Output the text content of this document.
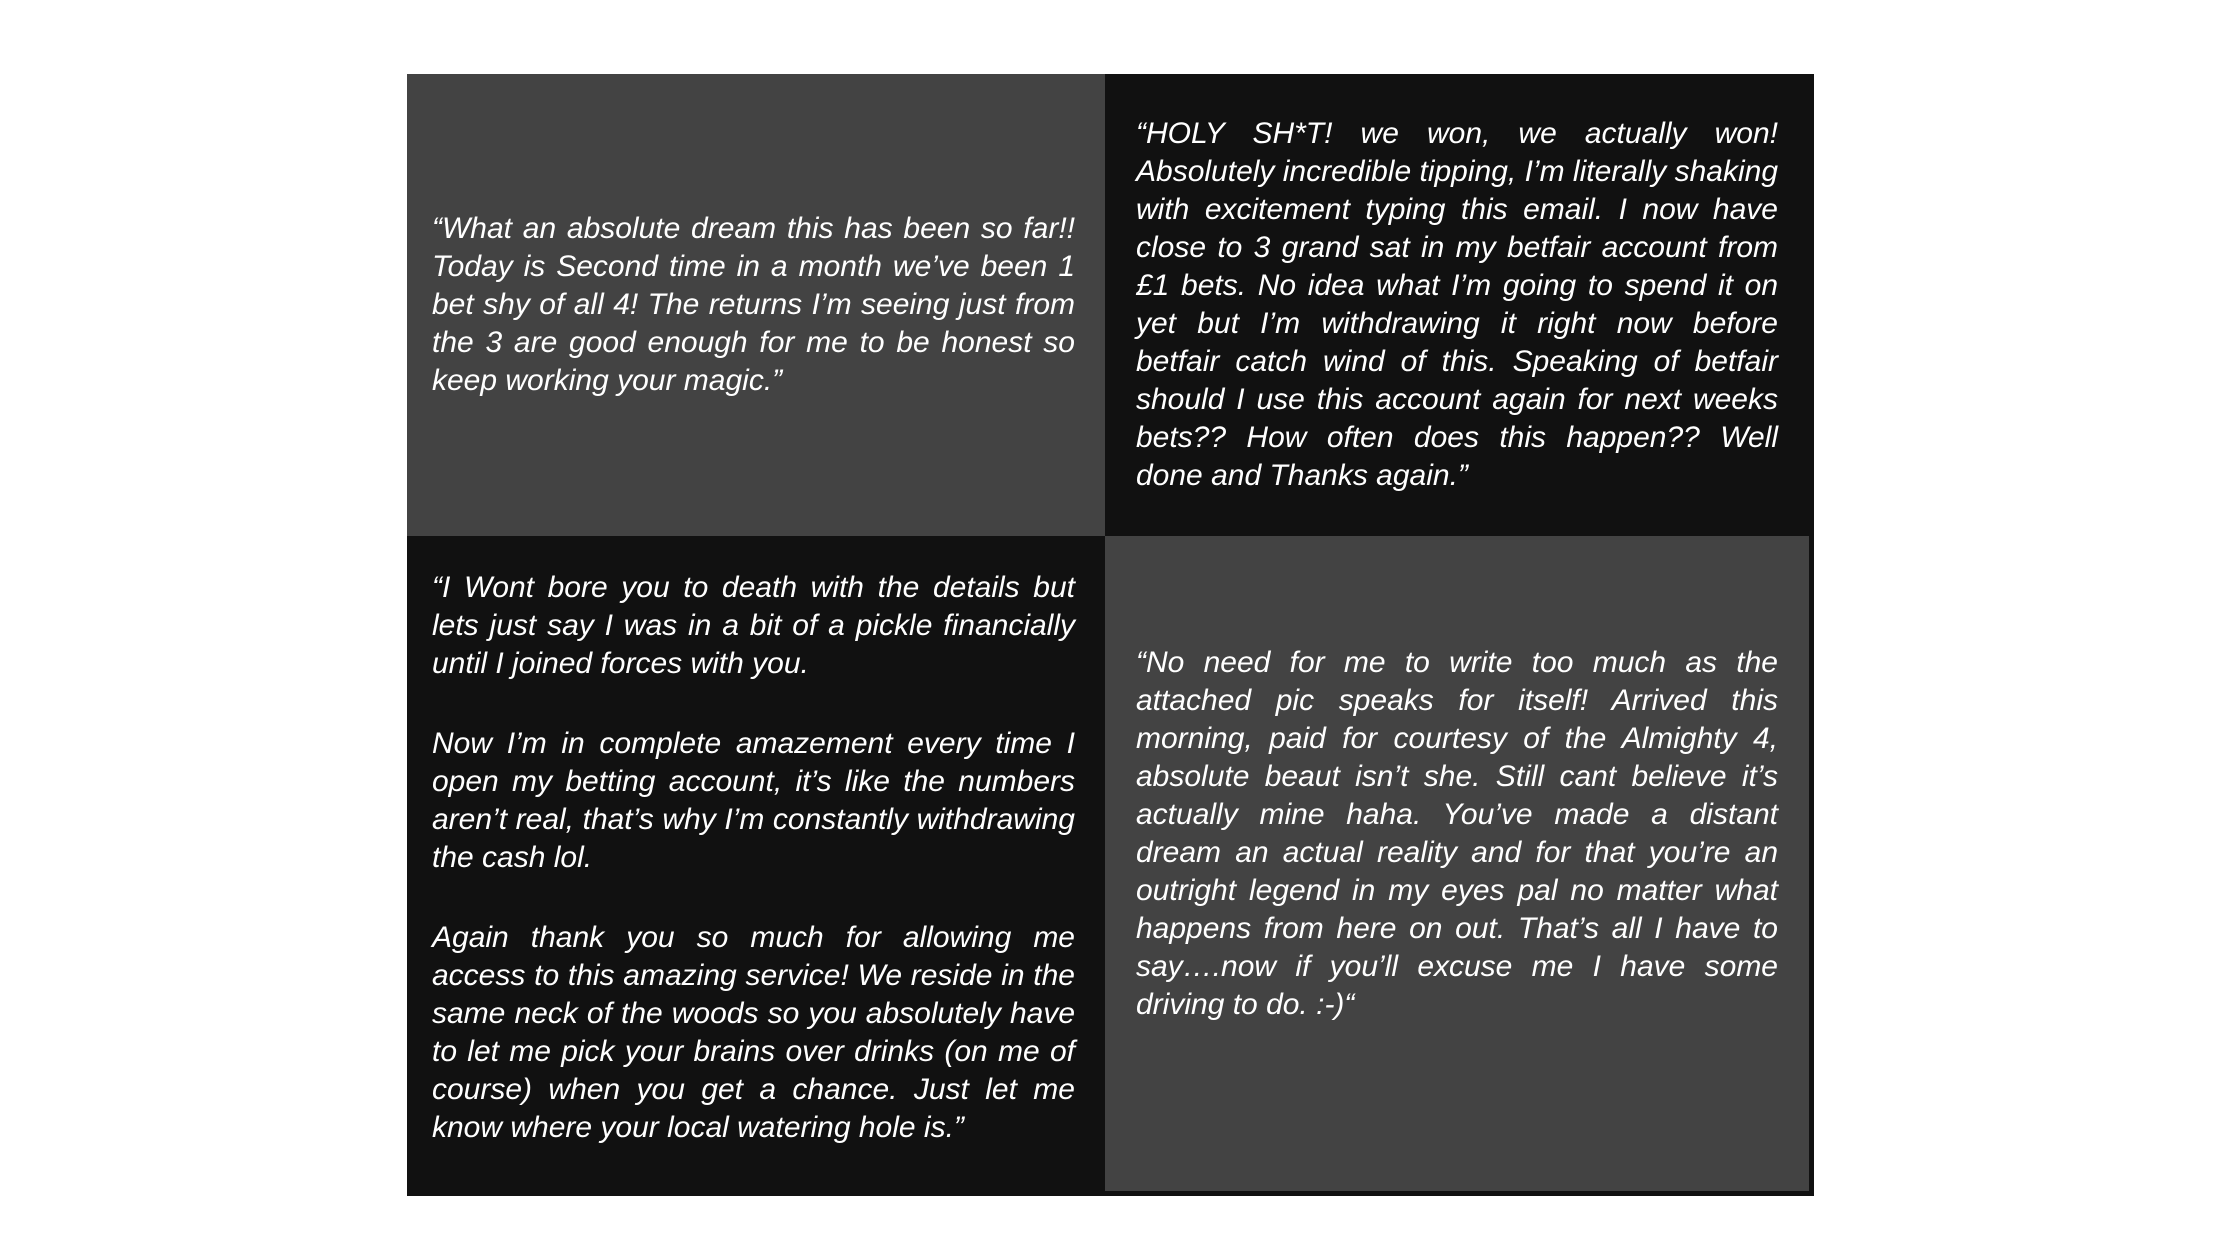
“What an absolute dream this has been so far!! Today is Second time in a month we’ve been 1 bet shy of all 4! The returns I’m seeing just from the 3 are good enough for me to be honest so keep working your magic.”

“HOLY SH*T! we won, we actually won! Absolutely incredible tipping, I’m literally shaking with excitement typing this email. I now have close to 3 grand sat in my betfair account from £1 bets. No idea what I’m going to spend it on yet but I’m withdrawing it right now before betfair catch wind of this. Speaking of betfair should I use this account again for next weeks bets?? How often does this happen?? Well done and Thanks again.”

“I Wont bore you to death with the details but lets just say I was in a bit of a pickle financially until I joined forces with you.

Now I’m in complete amazement every time I open my betting account, it’s like the numbers aren’t real, that’s why I’m constantly withdrawing the cash lol.

Again thank you so much for allowing me access to this amazing service! We reside in the same neck of the woods so you absolutely have to let me pick your brains over drinks (on me of course) when you get a chance. Just let me know where your local watering hole is.”

“No need for me to write too much as the attached pic speaks for itself! Arrived this morning, paid for courtesy of the Almighty 4, absolute beaut isn’t she. Still cant believe it’s actually mine haha. You’ve made a distant dream an actual reality and for that you’re an outright legend in my eyes pal no matter what happens from here on out. That’s all I have to say….now if you’ll excuse me I have some driving to do. :-)“
